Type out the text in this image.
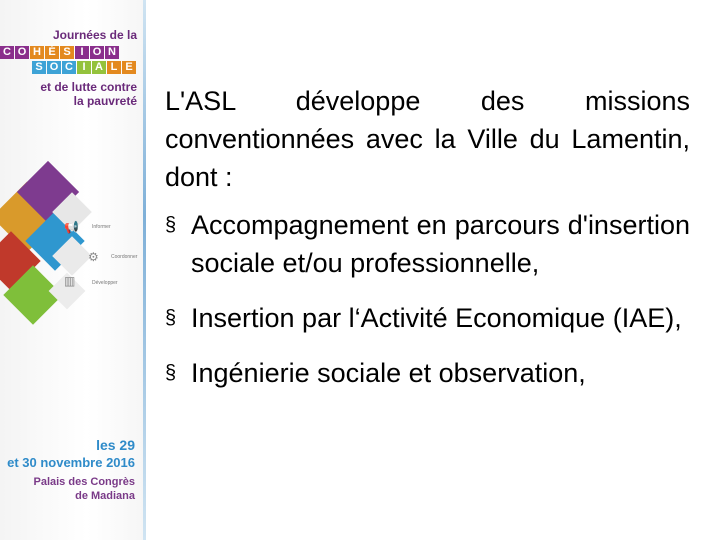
Journées de la
C O H É S I O N
S O C I A L E
et de lutte contre
la pauvreté
📢	Informer
⚙ Coordonner
▥	Développer
les 29
et 30 novembre 2016
Palais des Congrès
de Madiana

L'ASL développe des missions conventionnées avec la Ville du Lamentin, dont :

§ Accompagnement en parcours d'insertion sociale et/ou professionnelle,
§ Insertion par l‘Activité Economique (IAE),
§ Ingénierie sociale et observation,
